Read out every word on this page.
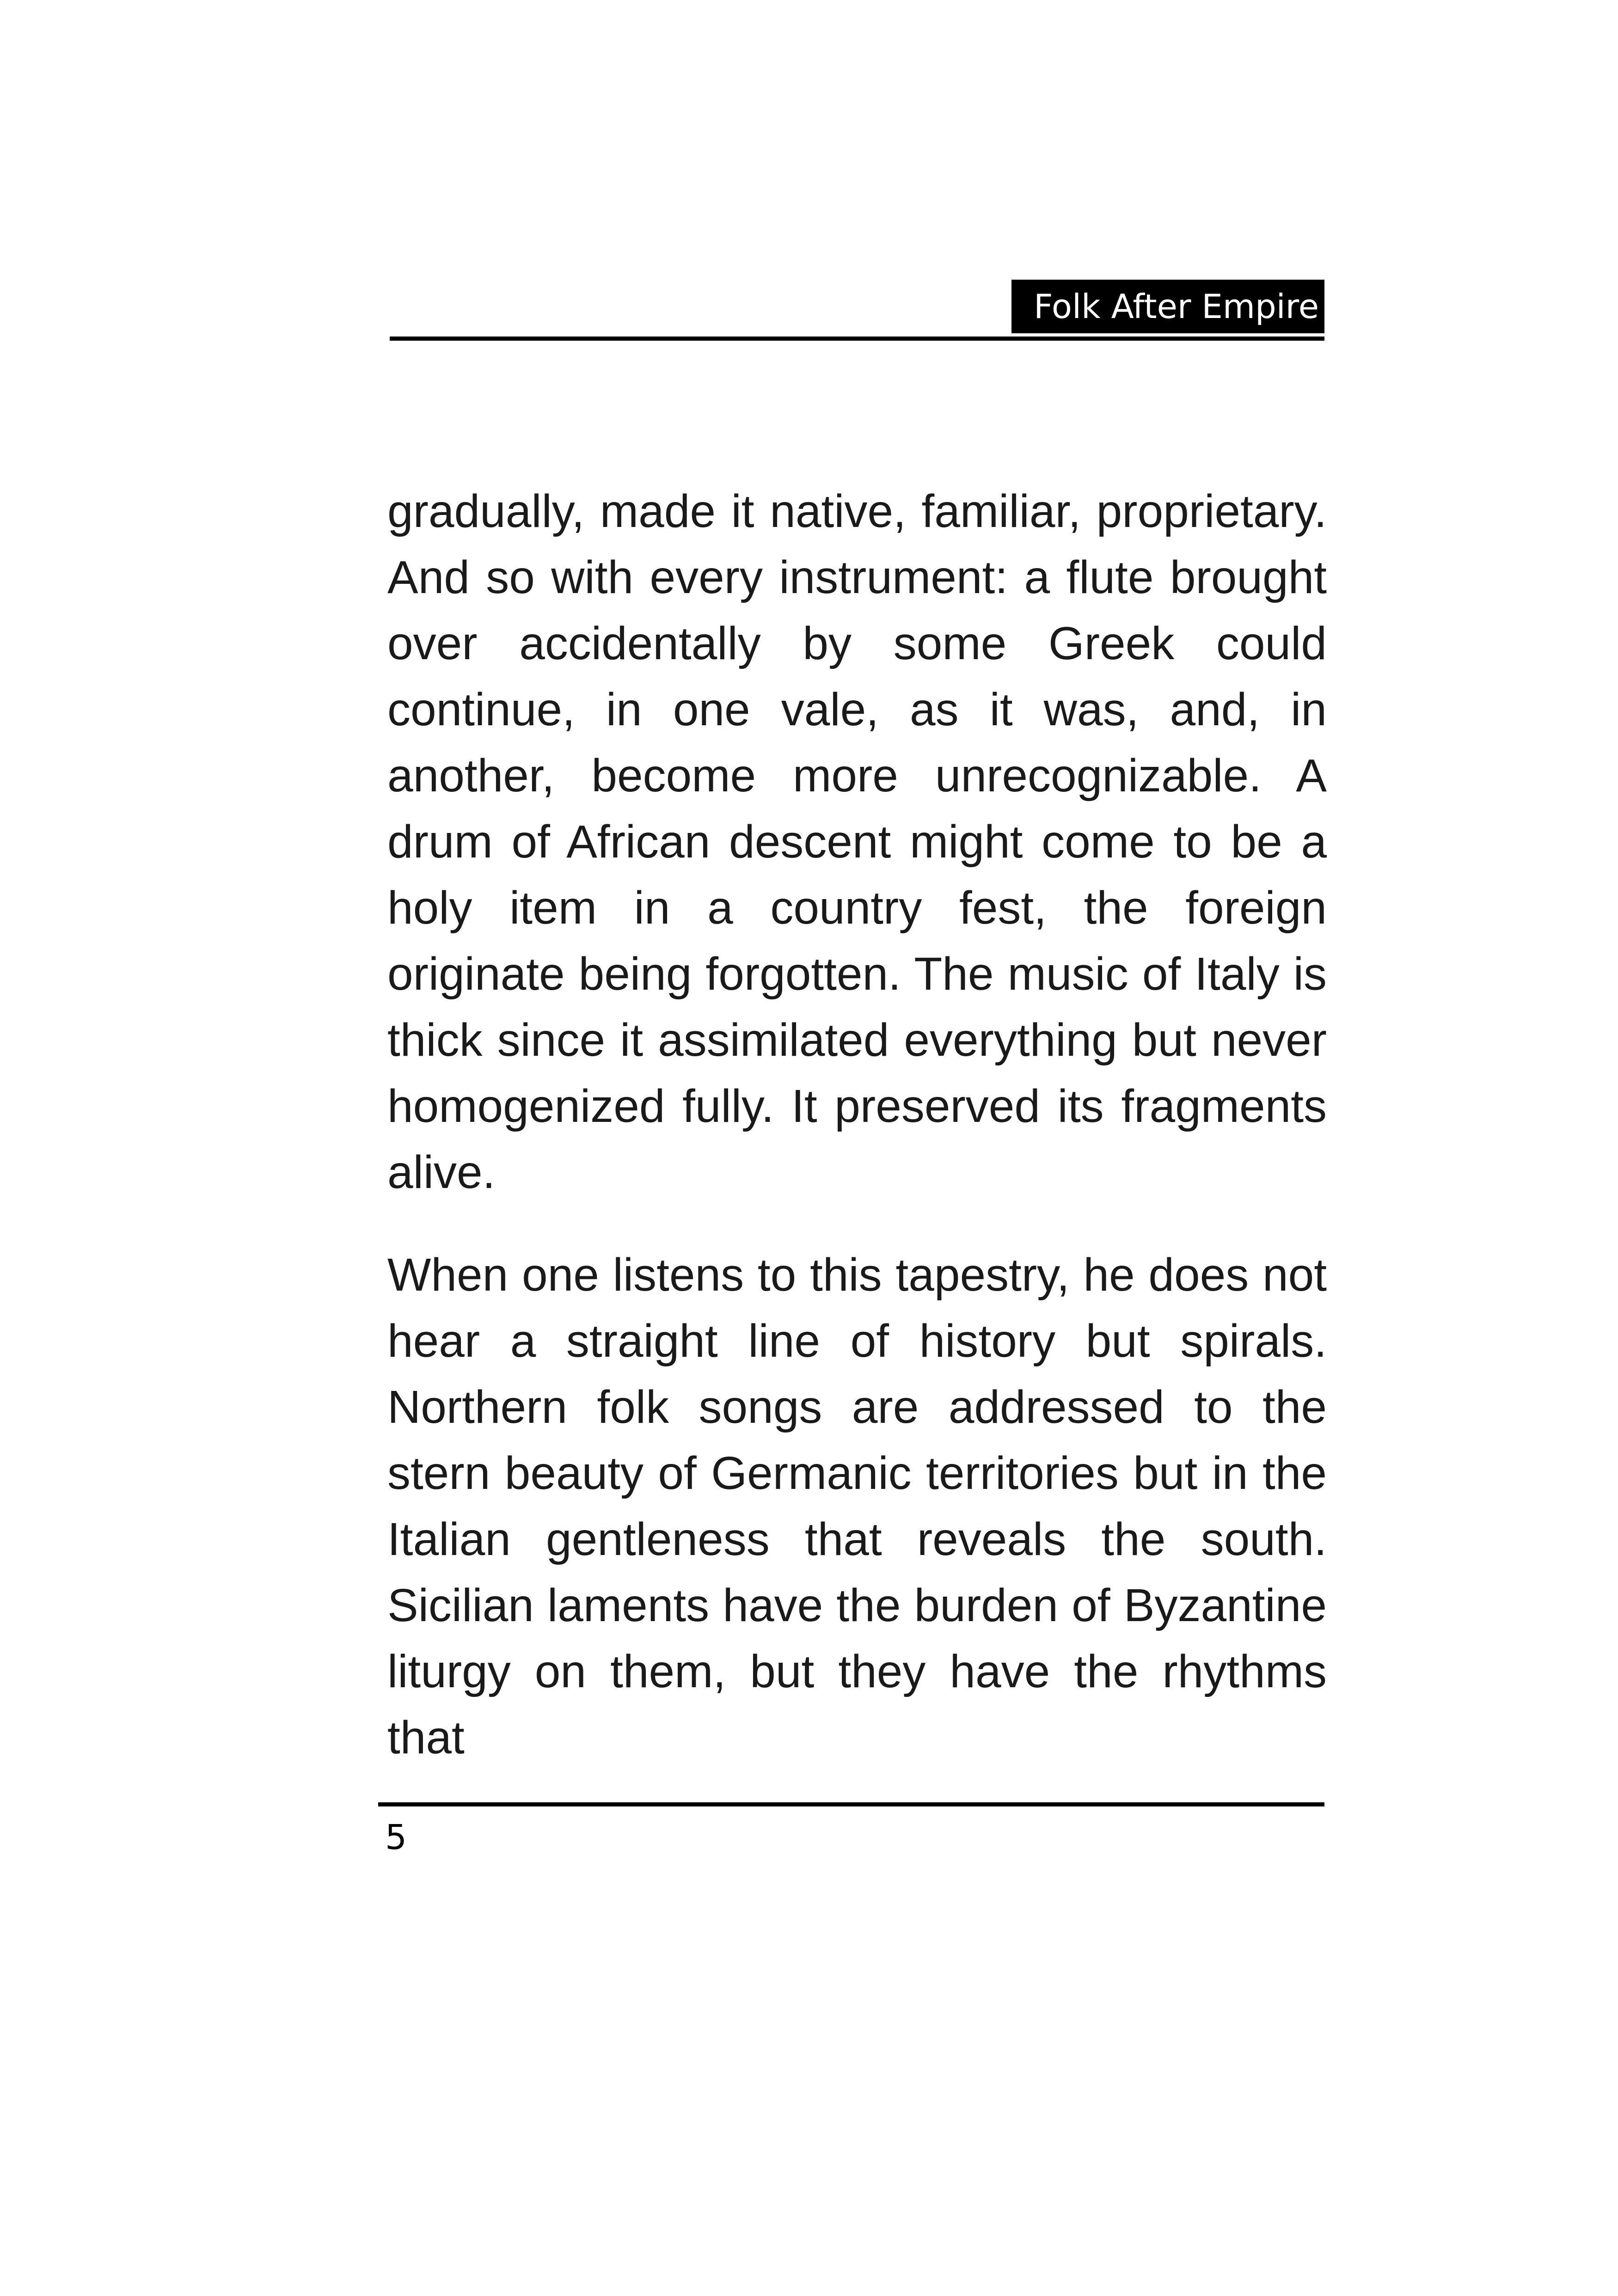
Folk After Empire

gradually, made it native, familiar, proprietary. And so with every instrument: a flute brought over accidentally by some Greek could continue, in one vale, as it was, and, in another, become more unrecognizable. A drum of African descent might come to be a holy item in a country fest, the foreign originate being forgotten. The music of Italy is thick since it assimilated everything but never homogenized fully. It preserved its fragments alive.

When one listens to this tapestry, he does not hear a straight line of history but spirals. Northern folk songs are addressed to the stern beauty of Germanic territories but in the Italian gentleness that reveals the south. Sicilian laments have the burden of Byzantine liturgy on them, but they have the rhythms that

5
